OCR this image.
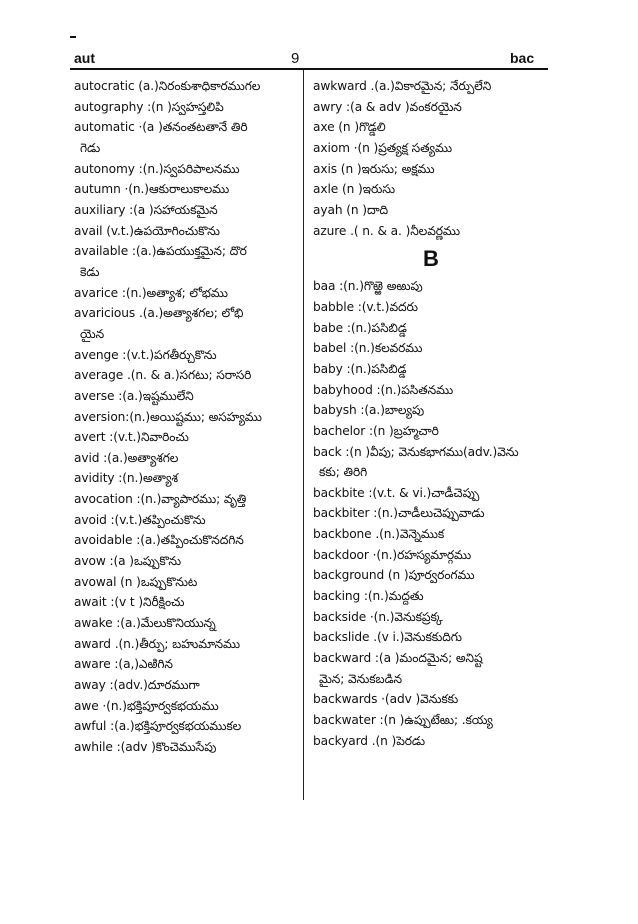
aut	9	bac

autocratic (a.)నిరంకుశాధికారముగల

autography :(n )స్వహస్తలిపి

automatic ·(a )తనంతటతానే తిరి

గెడు

autonomy :(n.)స్వపరిపాలనము

autumn ·(n.)ఆకురాలుకాలము

auxiliary :(a )సహాయకమైన

avail (v.t.)ఉపయోగించుకొను

available :(a.)ఉపయుక్తమైన; దొర

కెడు

avarice :(n.)అత్యాశ; లోభము

avaricious .(a.)అత్యాశగల; లోభి

యైన

avenge :(v.t.)పగతీర్చుకొను

average .(n. & a.)సగటు; సరాసరి

averse :(a.)ఇష్టములేని

aversion:(n.)అయిష్టము; అసహ్యము

avert :(v.t.)నివారించు

avid :(a.)అత్యాశగల

avidity :(n.)అత్యాశ

avocation :(n.)వ్యాపారము; వృత్తి

avoid :(v.t.)తప్పించుకొను

avoidable :(a.)తప్పించుకొనదగిన

avow :(a )ఒప్పుకొను

avowal (n )ఒప్పుకొనుట

await :(v t )నిరీక్షించు

awake :(a.)మేలుకొనియున్న

award .(n.)తీర్పు; బహుమానము

aware :(a,)ఎఱిగిన

away :(adv.)దూరముగా

awe ·(n.)భక్తిపూర్వకభయము

awful :(a.)భక్తిపూర్వకభయముకల

awhile :(adv )కొంచెముసేపు

awkward .(a.)వికారమైన; నేర్పులేని

awry :(a & adv )వంకరయైన

axe (n )గొడ్డలి

axiom ·(n )ప్రత్యక్ష సత్యము

axis (n )ఇరుసు; అక్షము

axle (n )ఇరుసు

ayah (n )దాది

azure .( n. & a. )నీలవర్ణము

B

baa :(n.)గొఱ్ఱె అఱుపు

babble :(v.t.)వదరు

babe :(n.)పసిబిడ్డ

babel :(n.)కలవరము

baby :(n.)పసిబిడ్డ

babyhood :(n.)పసితనము

babysh :(a.)బాల్యపు

bachelor :(n )బ్రహ్మచారి

back :(n )వీపు; వెనుకభాగము(adv.)వెను

కకు; తిరిగి

backbite :(v.t. & vi.)చాడీచెప్పు

backbiter :(n.)చాడీలుచెప్పువాడు

backbone .(n.)వెన్నెముక

backdoor ·(n.)రహస్యమార్గము

background (n )పూర్వరంగము

backing :(n.)మద్దతు

backside ·(n.)వెనుకప్రక్క

backslide .(v i.)వెనుకకుదిగు

backward :(a )మందమైన; అనిష్ట

మైన; వెనుకబడిన

backwards ·(adv )వెనుకకు

backwater :(n )ఉప్పుటేఱు; .కయ్య

backyard .(n )పెరడు
